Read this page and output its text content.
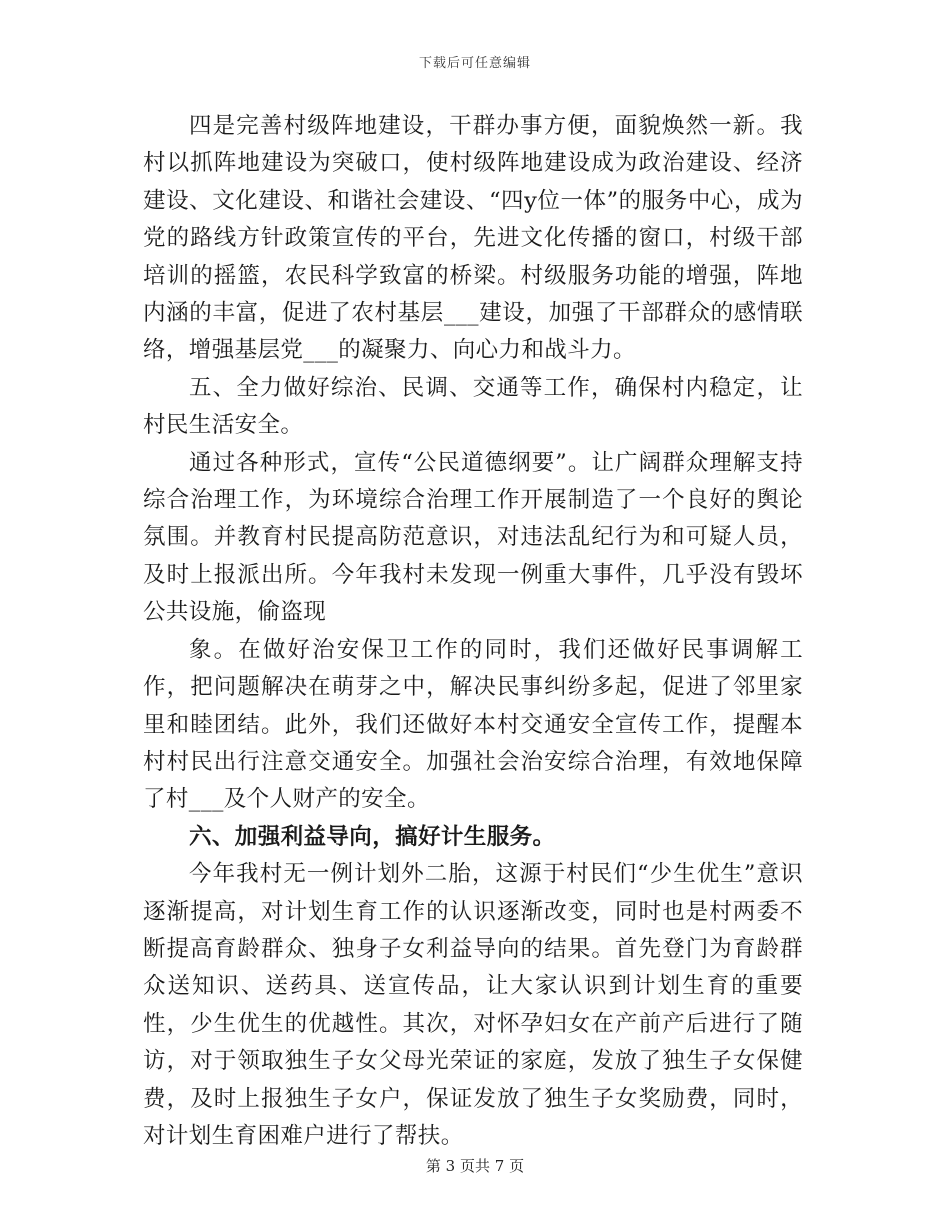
下载后可任意编辑

四是完善村级阵地建设，干群办事方便，面貌焕然一新。我村以抓阵地建设为突破口，使村级阵地建设成为政治建设、经济建设、文化建设、和谐社会建设、“四y位一体”的服务中心，成为党的路线方针政策宣传的平台，先进文化传播的窗口，村级干部培训的摇篮，农民科学致富的桥梁。村级服务功能的增强，阵地内涵的丰富，促进了农村基层___建设，加强了干部群众的感情联络，增强基层党___的凝聚力、向心力和战斗力。

五、全力做好综治、民调、交通等工作，确保村内稳定，让村民生活安全。

通过各种形式，宣传“公民道德纲要”。让广阔群众理解支持综合治理工作，为环境综合治理工作开展制造了一个良好的舆论氛围。并教育村民提高防范意识，对违法乱纪行为和可疑人员，及时上报派出所。今年我村未发现一例重大事件，几乎没有毁坏公共设施，偷盗现

象。在做好治安保卫工作的同时，我们还做好民事调解工作，把问题解决在萌芽之中，解决民事纠纷多起，促进了邻里家里和睦团结。此外，我们还做好本村交通安全宣传工作，提醒本村村民出行注意交通安全。加强社会治安综合治理，有效地保障了村___及个人财产的安全。

六、加强利益导向，搞好计生服务。

今年我村无一例计划外二胎，这源于村民们“少生优生”意识逐渐提高，对计划生育工作的认识逐渐改变，同时也是村两委不断提高育龄群众、独身子女利益导向的结果。首先登门为育龄群众送知识、送药具、送宣传品，让大家认识到计划生育的重要性，少生优生的优越性。其次，对怀孕妇女在产前产后进行了随访，对于领取独生子女父母光荣证的家庭，发放了独生子女保健费，及时上报独生子女户，保证发放了独生子女奖励费，同时，对计划生育困难户进行了帮扶。

第 3 页共 7 页
